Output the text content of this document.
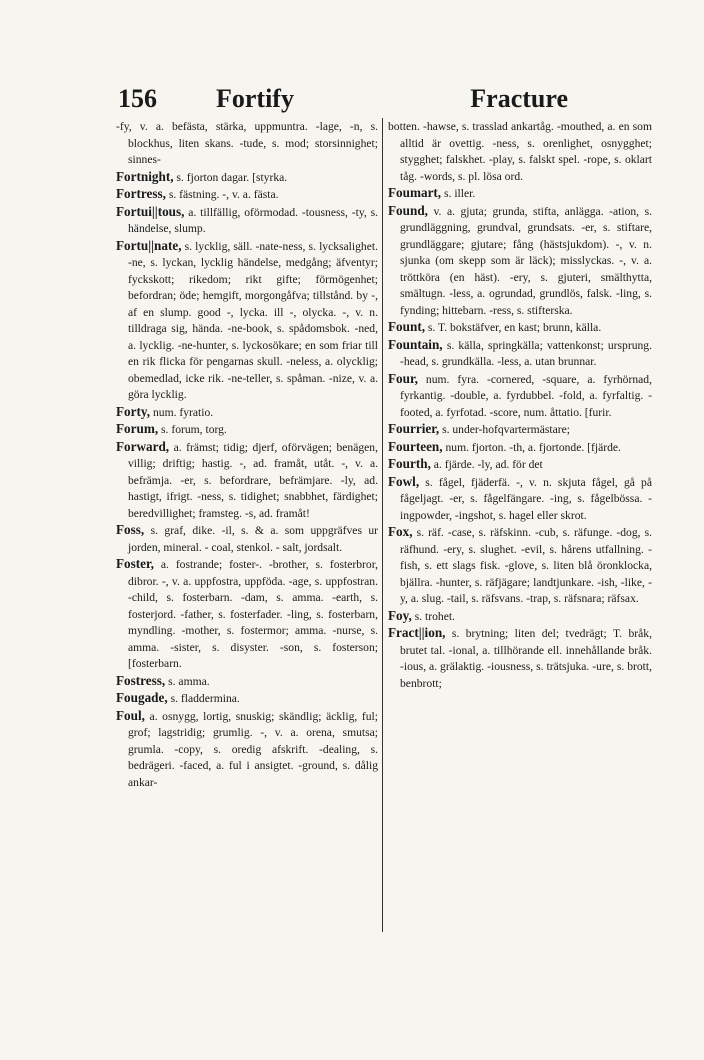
156 Fortify	Fracture

-fy, v. a. befästa, stärka, uppmuntra. -lage, -n, s. blockhus, liten skans. -tude, s. mod; storsinnighet; sinnes-

Fortnight, s. fjorton dagar. [styrka.

Fortress, s. fästning. -, v. a. fästa.

Fortui||tous, a. tillfällig, oförmodad. -tousness, -ty, s. händelse, slump.

Fortu||nate, s. lycklig, säll. -nate-ness, s. lycksalighet. -ne, s. lyckan, lycklig händelse, medgång; äfventyr; fyckskott; rikedom; rikt gifte; förmögenhet; befordran; öde; hemgift, morgongåfva; tillstånd. by -, af en slump. good -, lycka. ill -, olycka. -, v. n. tilldraga sig, hända. -ne-book, s. spådomsbok. -ned, a. lycklig. -ne-hunter, s. lyckosökare; en som friar till en rik flicka för pengarnas skull. -neless, a. olycklig; obemedlad, icke rik. -ne-teller, s. spåman. -nize, v. a. göra lycklig.

Forty, num. fyratio.

Forum, s. forum, torg.

Forward, a. främst; tidig; djerf, oförvägen; benägen, villig; driftig; hastig. -, ad. framåt, utåt. -, v. a. befrämja. -er, s. befordrare, befrämjare. -ly, ad. hastigt, ifrigt. -ness, s. tidighet; snabbhet, färdighet; beredvillighet; framsteg. -s, ad. framåt!

Foss, s. graf, dike. -il, s. & a. som uppgräfves ur jorden, mineral. - coal, stenkol. - salt, jordsalt.

Foster, a. fostrande; foster-. -brother, s. fosterbror, dibror. -, v. a. uppfostra, uppföda. -age, s. uppfostran. -child, s. fosterbarn. -dam, s. amma. -earth, s. fosterjord. -father, s. fosterfader. -ling, s. fosterbarn, myndling. -mother, s. fostermor; amma. -nurse, s. amma. -sister, s. disyster. -son, s. fosterson; [fosterbarn.

Fostress, s. amma.

Fougade, s. fladdermina.

Foul, a. osnygg, lortig, snuskig; skändlig; äcklig, ful; grof; lagstridig; grumlig. -, v. a. orena, smutsa; grumla. -copy, s. oredig afskrift. -dealing, s. bedrägeri. -faced, a. ful i ansigtet. -ground, s. dålig ankar-

botten. -hawse, s. trasslad ankartåg. -mouthed, a. en som alltid är ovettig. -ness, s. orenlighet, osnygghet; stygghet; falskhet. -play, s. falskt spel. -rope, s. oklart tåg. -words, s. pl. lösa ord.

Foumart, s. iller.

Found, v. a. gjuta; grunda, stifta, anlägga. -ation, s. grundläggning, grundval, grundsats. -er, s. stiftare, grundläggare; gjutare; fång (hästsjukdom). -, v. n. sjunka (om skepp som är läck); misslyckas. -, v. a. tröttköra (en häst). -ery, s. gjuteri, smälthytta, smältugn. -less, a. ogrundad, grundlös, falsk. -ling, s. fynding; hittebarn. -ress, s. stifterska.

Fount, s. T. bokstäfver, en kast; brunn, källa.

Fountain, s. källa, springkälla; vattenkonst; ursprung. -head, s. grundkälla. -less, a. utan brunnar.

Four, num. fyra. -cornered, -square, a. fyrhörnad, fyrkantig. -double, a. fyrdubbel. -fold, a. fyrfaltig. -footed, a. fyrfotad. -score, num. åttatio. [furir.

Fourrier, s. under-hofqvartermästare;

Fourteen, num. fjorton. -th, a. fjortonde. [fjärde.

Fourth, a. fjärde. -ly, ad. för det

Fowl, s. fågel, fjäderfä. -, v. n. skjuta fågel, gå på fågeljagt. -er, s. fågelfängare. -ing, s. fågelbössa. -ingpowder, -ingshot, s. hagel eller skrot.

Fox, s. räf. -case, s. räfskinn. -cub, s. räfunge. -dog, s. räfhund. -ery, s. slughet. -evil, s. hårens utfallning. -fish, s. ett slags fisk. -glove, s. liten blå öronklocka, bjällra. -hunter, s. räfjägare; landtjunkare. -ish, -like, -y, a. slug. -tail, s. räfsvans. -trap, s. räfsnara; räfsax.

Foy, s. trohet.

Fract||ion, s. brytning; liten del; tvedrägt; T. bråk, brutet tal. -ional, a. tillhörande ell. innehållande bråk. -ious, a. grälaktig. -iousness, s. trätsjuka. -ure, s. brott, benbrott;
